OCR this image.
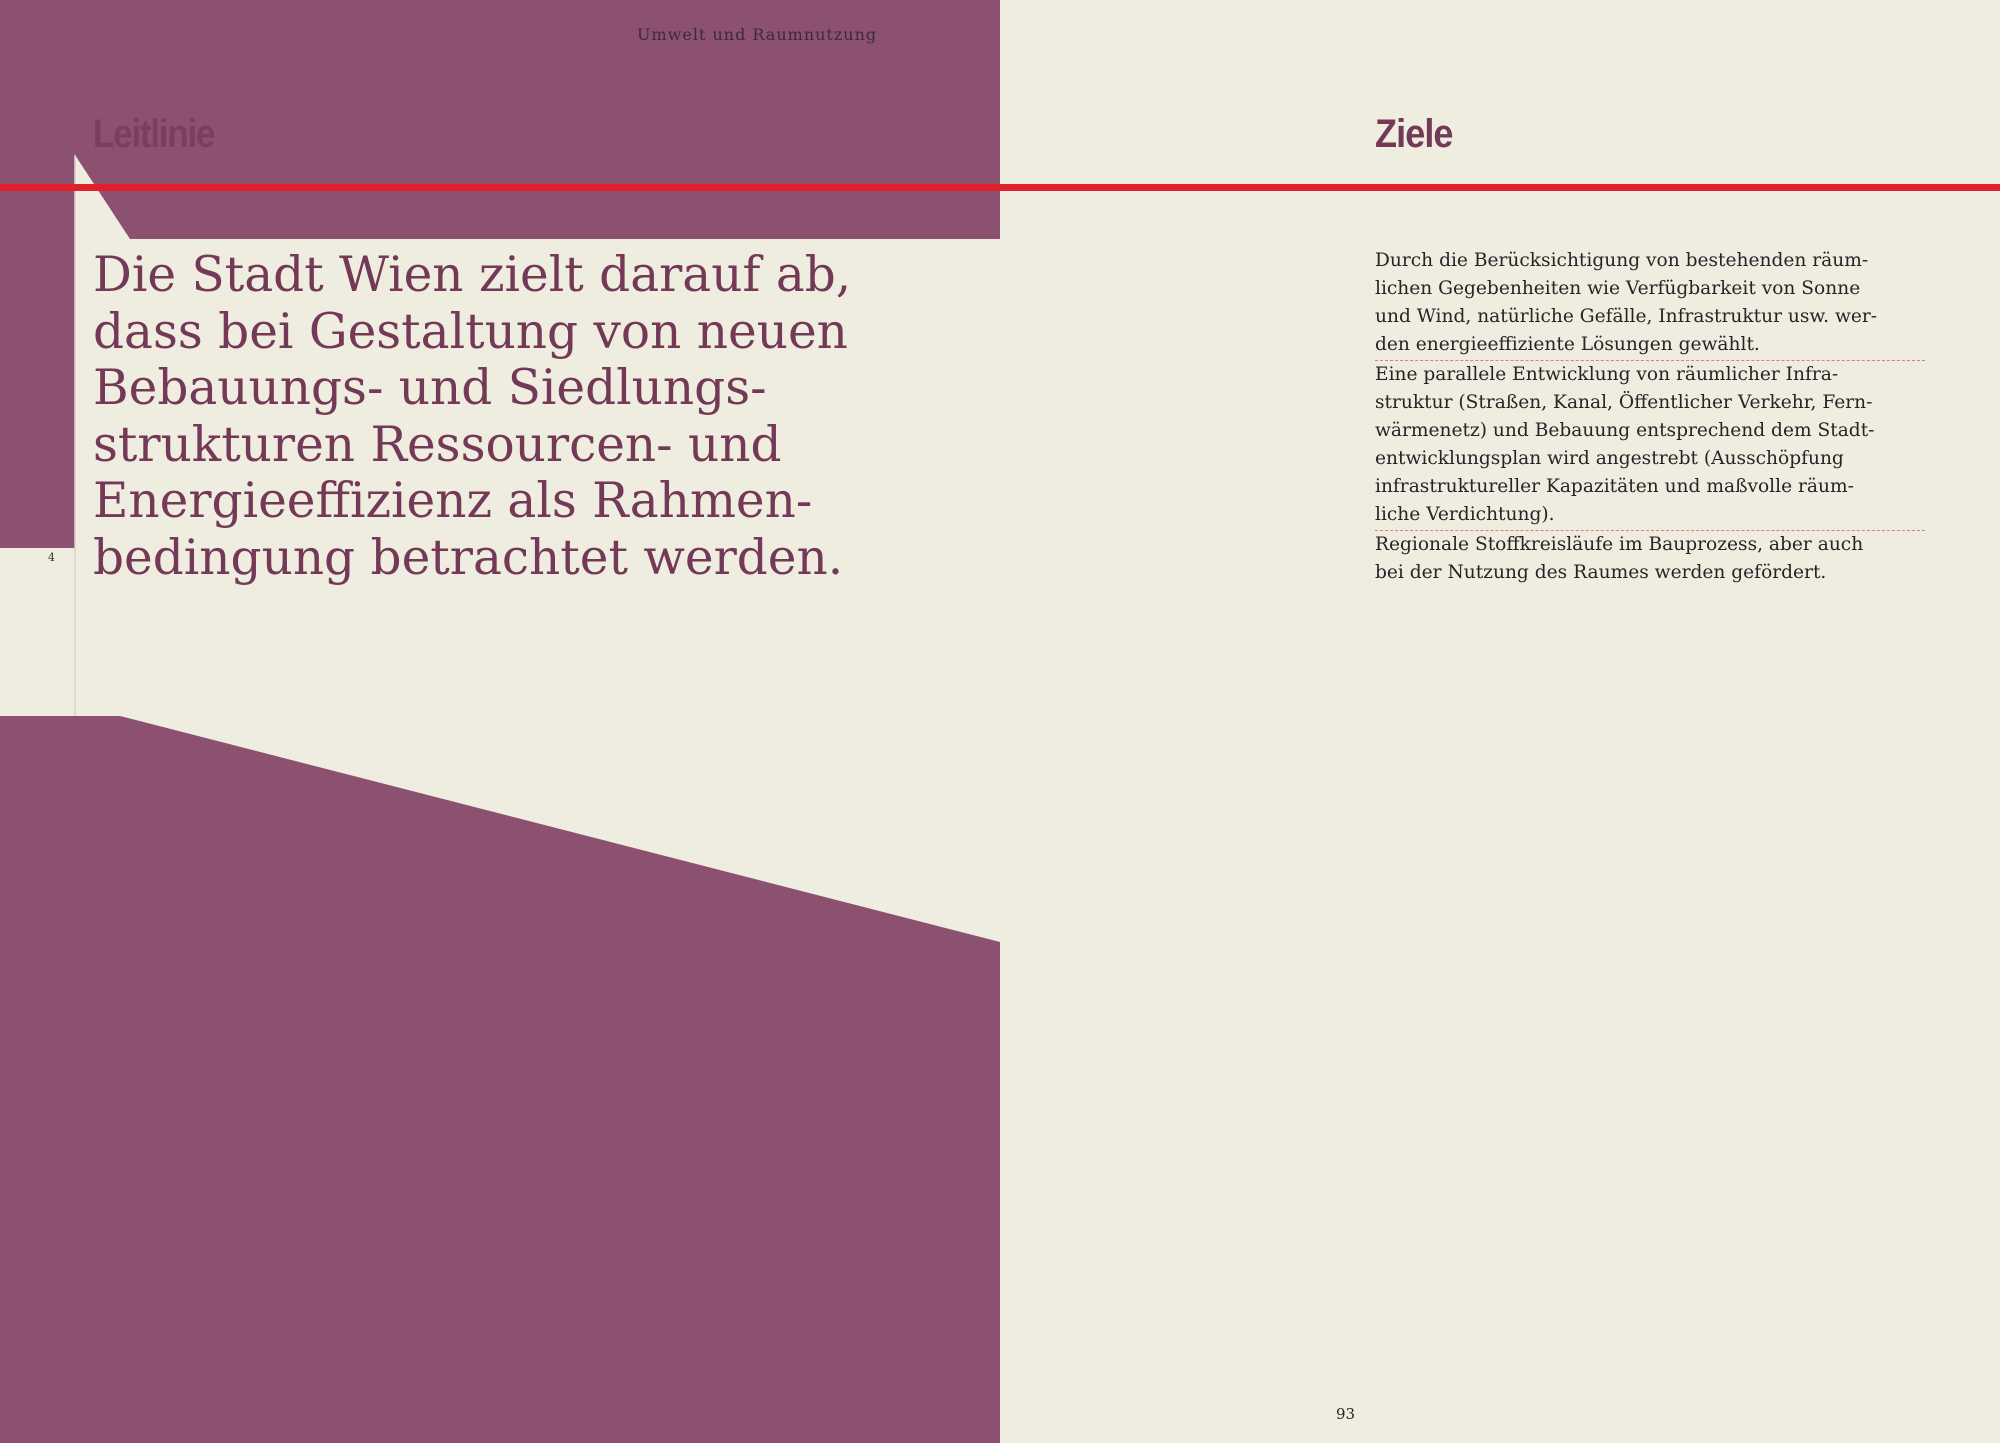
Umwelt und Raumnutzung
Leitlinie

Die Stadt Wien zielt darauf ab,
dass bei Gestaltung von neuen
Bebauungs- und Siedlungs-
strukturen Ressourcen- und
Energieeffizienz als Rahmen-
bedingung betrachtet werden.

4
Ziele

Durch die Berücksichtigung von bestehenden räum-
lichen Gegebenheiten wie Verfügbarkeit von Sonne
und Wind, natürliche Gefälle, Infrastruktur usw. wer-
den energieeffiziente Lösungen gewählt.

Eine parallele Entwicklung von räumlicher Infra-
struktur (Straßen, Kanal, Öffentlicher Verkehr, Fern-
wärmenetz) und Bebauung entsprechend dem Stadt-
entwicklungsplan wird angestrebt (Ausschöpfung
infrastruktureller Kapazitäten und maßvolle räum-
liche Verdichtung).

Regionale Stoffkreisläufe im Bauprozess, aber auch
bei der Nutzung des Raumes werden gefördert.

93
